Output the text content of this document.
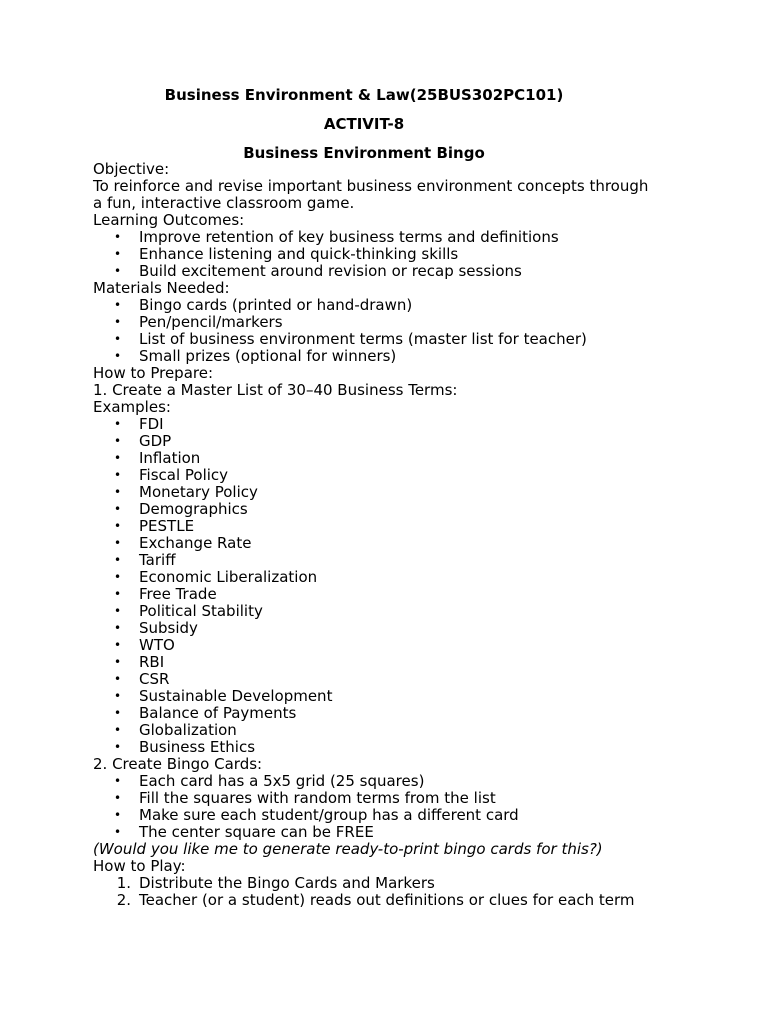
Business Environment & Law(25BUS302PC101)

ACTIVIT-8

Business Environment Bingo

Objective:

To reinforce and revise important business environment concepts through

a fun, interactive classroom game.

Learning Outcomes:

• Improve retention of key business terms and definitions
• Enhance listening and quick-thinking skills
• Build excitement around revision or recap sessions

Materials Needed:

• Bingo cards (printed or hand-drawn)
• Pen/pencil/markers
• List of business environment terms (master list for teacher)
• Small prizes (optional for winners)

How to Prepare:

1. Create a Master List of 30–40 Business Terms:

Examples:

• FDI
• GDP
• Inflation
• Fiscal Policy
• Monetary Policy
• Demographics
• PESTLE
• Exchange Rate
• Tariff
• Economic Liberalization
• Free Trade
• Political Stability
• Subsidy
• WTO
• RBI
• CSR
• Sustainable Development
• Balance of Payments
• Globalization
• Business Ethics

2. Create Bingo Cards:

• Each card has a 5x5 grid (25 squares)
• Fill the squares with random terms from the list
• Make sure each student/group has a different card
• The center square can be FREE

(Would you like me to generate ready-to-print bingo cards for this?)

How to Play:

1. Distribute the Bingo Cards and Markers
2. Teacher (or a student) reads out definitions or clues for each term
